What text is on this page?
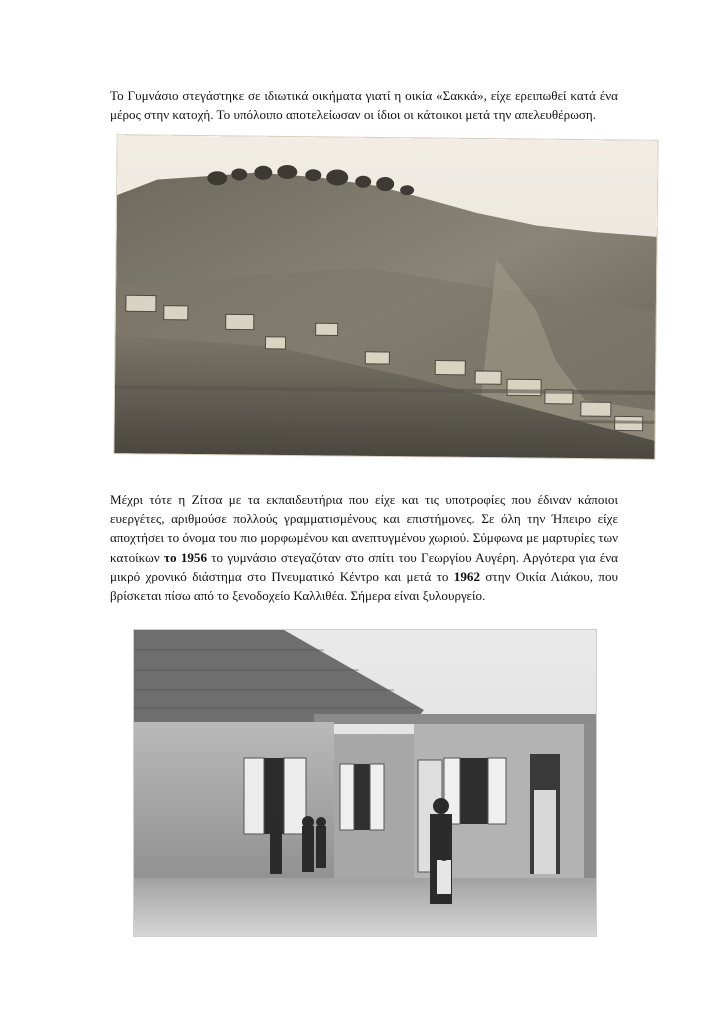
Το Γυμνάσιο στεγάστηκε σε ιδιωτικά οικήματα γιατί η οικία «Σακκά», είχε ερειπωθεί κατά ένα μέρος στην κατοχή. Το υπόλοιπο αποτελείωσαν οι ίδιοι οι κάτοικοι μετά την απελευθέρωση.

Μέχρι τότε η Ζίτσα με τα εκπαιδευτήρια που είχε και τις υποτροφίες που έδιναν κάποιοι ευεργέτες, αριθμούσε πολλούς γραμματισμένους και επιστήμονες. Σε όλη την Ήπειρο είχε αποχτήσει το όνομα του πιο μορφωμένου και ανεπτυγμένου χωριού. Σύμφωνα με μαρτυρίες των κατοίκων το 1956 το γυμνάσιο στεγαζόταν στο σπίτι του Γεωργίου Αυγέρη. Αργότερα για ένα μικρό χρονικό διάστημα στο Πνευματικό Κέντρο και μετά το 1962 στην Οικία Λιάκου, που βρίσκεται πίσω από το ξενοδοχείο Καλλιθέα. Σήμερα είναι ξυλουργείο.
